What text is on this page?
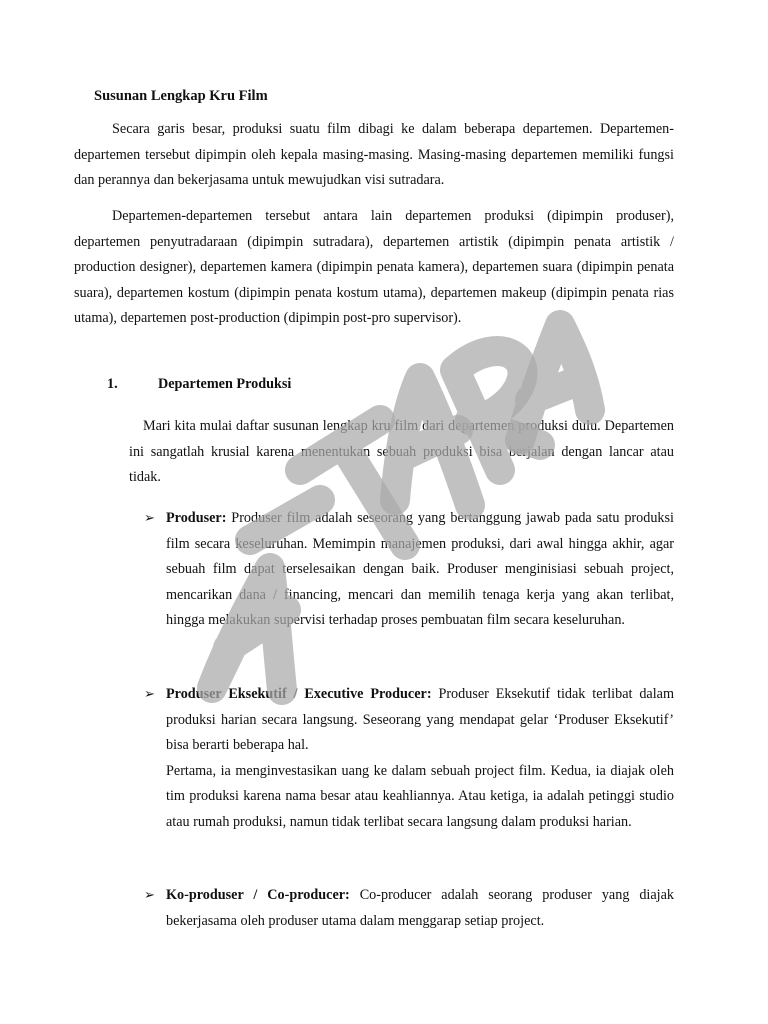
Susunan Lengkap Kru Film

Secara garis besar, produksi suatu film dibagi ke dalam beberapa departemen. Departemen-departemen tersebut dipimpin oleh kepala masing-masing. Masing-masing departemen memiliki fungsi dan perannya dan bekerjasama untuk mewujudkan visi sutradara.

Departemen-departemen tersebut antara lain departemen produksi (dipimpin produser), departemen penyutradaraan (dipimpin sutradara), departemen artistik (dipimpin penata artistik / production designer), departemen kamera (dipimpin penata kamera), departemen suara (dipimpin penata suara), departemen kostum (dipimpin penata kostum utama), departemen makeup (dipimpin penata rias utama), departemen post-production (dipimpin post-pro supervisor).

1.	Departemen Produksi

Mari kita mulai daftar susunan lengkap kru film dari departemen produksi dulu. Departemen ini sangatlah krusial karena menentukan sebuah produksi bisa berjalan dengan lancar atau tidak.

➢ Produser: Produser film adalah seseorang yang bertanggung jawab pada satu produksi film secara keseluruhan. Memimpin manajemen produksi, dari awal hingga akhir, agar sebuah film dapat terselesaikan dengan baik. Produser menginisiasi sebuah project, mencarikan dana / financing, mencari dan memilih tenaga kerja yang akan terlibat, hingga melakukan supervisi terhadap proses pembuatan film secara keseluruhan.

➢ Produser Eksekutif / Executive Producer: Produser Eksekutif tidak terlibat dalam produksi harian secara langsung. Seseorang yang mendapat gelar ‘Produser Eksekutif’ bisa berarti beberapa hal.
Pertama, ia menginvestasikan uang ke dalam sebuah project film. Kedua, ia diajak oleh tim produksi karena nama besar atau keahliannya. Atau ketiga, ia adalah petinggi studio atau rumah produksi, namun tidak terlibat secara langsung dalam produksi harian.

➢ Ko-produser / Co-producer: Co-producer adalah seorang produser yang diajak bekerjasama oleh produser utama dalam menggarap setiap project.
